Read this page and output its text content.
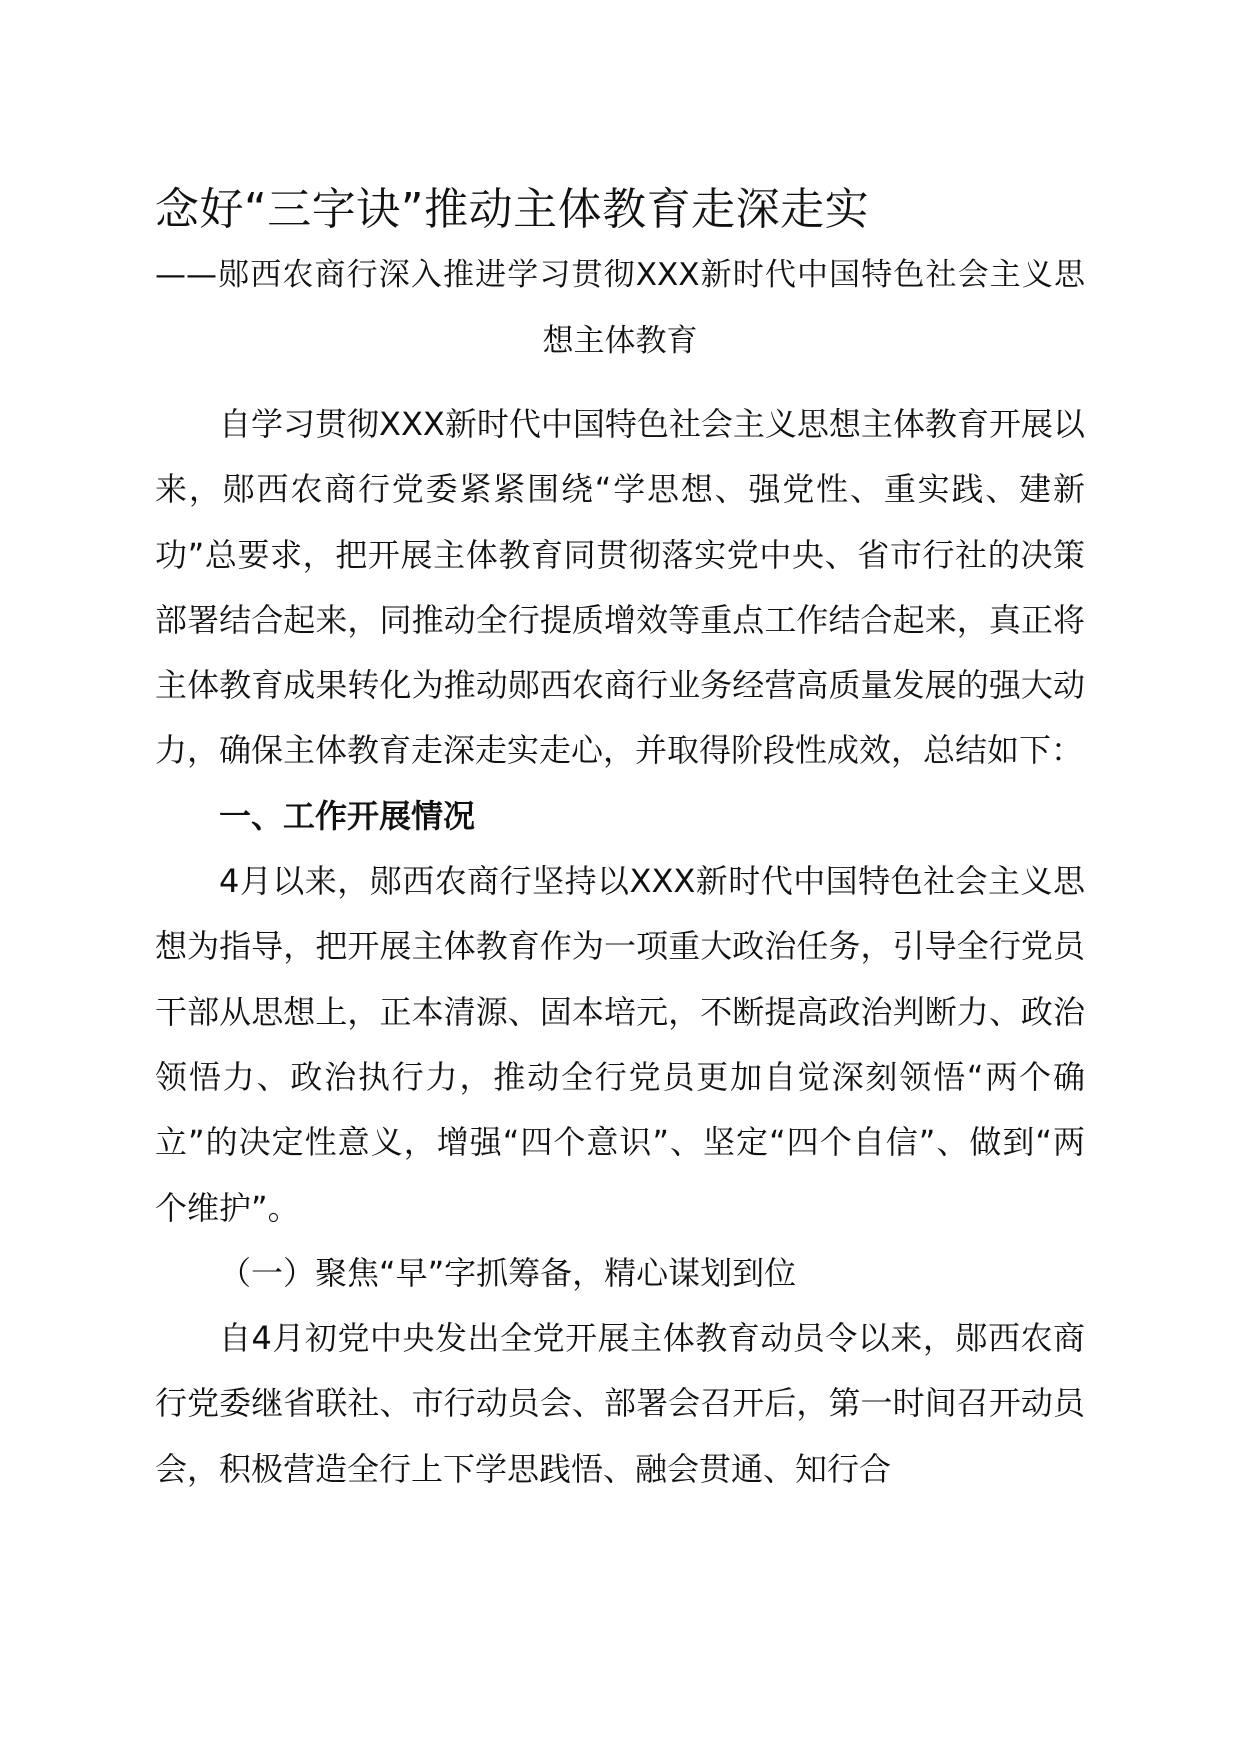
念好“三字诀”推动主体教育走深走实

——郧西农商行深入推进学习贯彻XXX新时代中国特色社会主义思想主体教育

自学习贯彻XXX新时代中国特色社会主义思想主体教育开展以来，郧西农商行党委紧紧围绕“学思想、强党性、重实践、建新功”总要求，把开展主体教育同贯彻落实党中央、省市行社的决策部署结合起来，同推动全行提质增效等重点工作结合起来，真正将主体教育成果转化为推动郧西农商行业务经营高质量发展的强大动力，确保主体教育走深走实走心，并取得阶段性成效，总结如下：

一、工作开展情况

4月以来，郧西农商行坚持以XXX新时代中国特色社会主义思想为指导，把开展主体教育作为一项重大政治任务，引导全行党员干部从思想上，正本清源、固本培元，不断提高政治判断力、政治领悟力、政治执行力，推动全行党员更加自觉深刻领悟“两个确立”的决定性意义，增强“四个意识”、坚定“四个自信”、做到“两个维护”。

（一）聚焦“早”字抓筹备，精心谋划到位

自4月初党中央发出全党开展主体教育动员令以来，郧西农商行党委继省联社、市行动员会、部署会召开后，第一时间召开动员会，积极营造全行上下学思践悟、融会贯通、知行合
